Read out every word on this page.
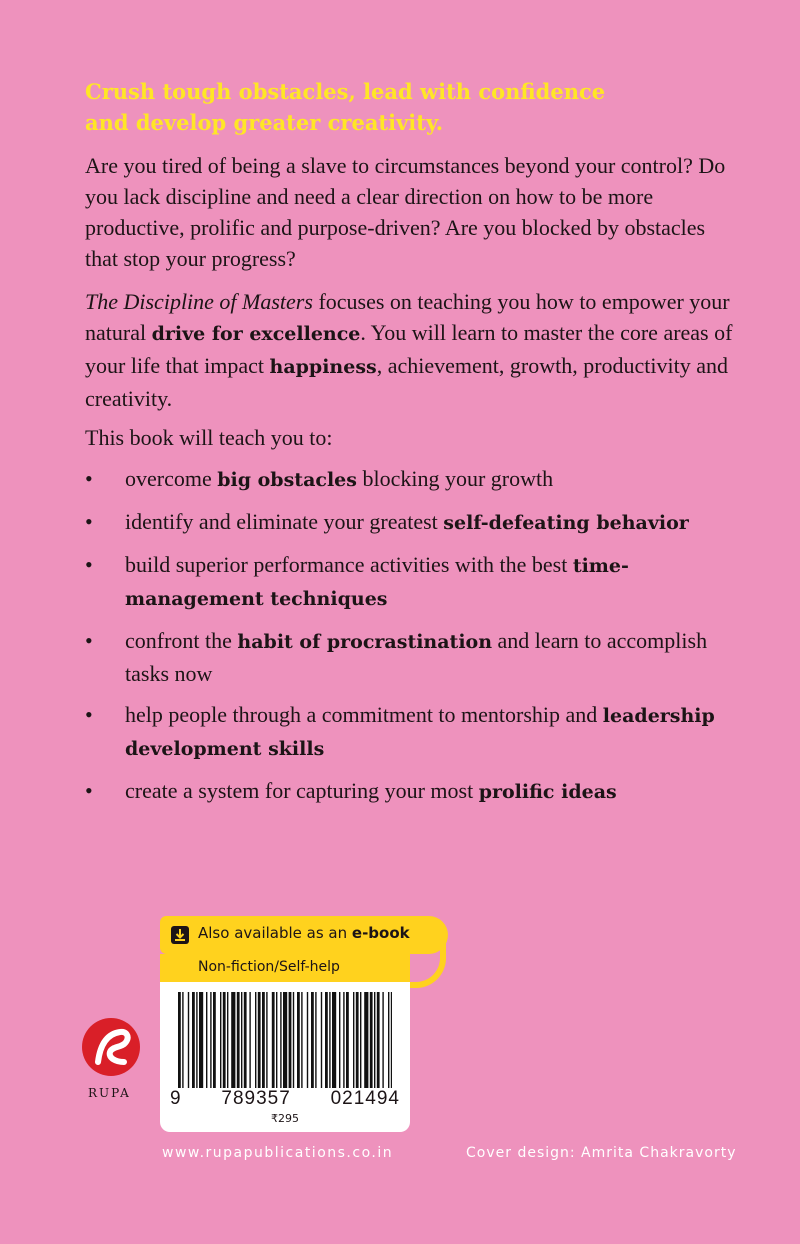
Crush tough obstacles, lead with confidence and develop greater creativity.

Are you tired of being a slave to circumstances beyond your control? Do you lack discipline and need a clear direction on how to be more productive, prolific and purpose-driven? Are you blocked by obstacles that stop your progress?

The Discipline of Masters focuses on teaching you how to empower your natural drive for excellence. You will learn to master the core areas of your life that impact happiness, achievement, growth, productivity and creativity.

This book will teach you to:

• overcome big obstacles blocking your growth
• identify and eliminate your greatest self-defeating behavior
• build superior performance activities with the best time-management techniques
• confront the habit of procrastination and learn to accomplish tasks now
• help people through a commitment to mentorship and leadership development skills
• create a system for capturing your most prolific ideas
Also available as an e-book
Non-fiction/Self-help
9 789357 021494
₹295
RUPA
www.rupapublications.co.in	Cover design: Amrita Chakravorty
